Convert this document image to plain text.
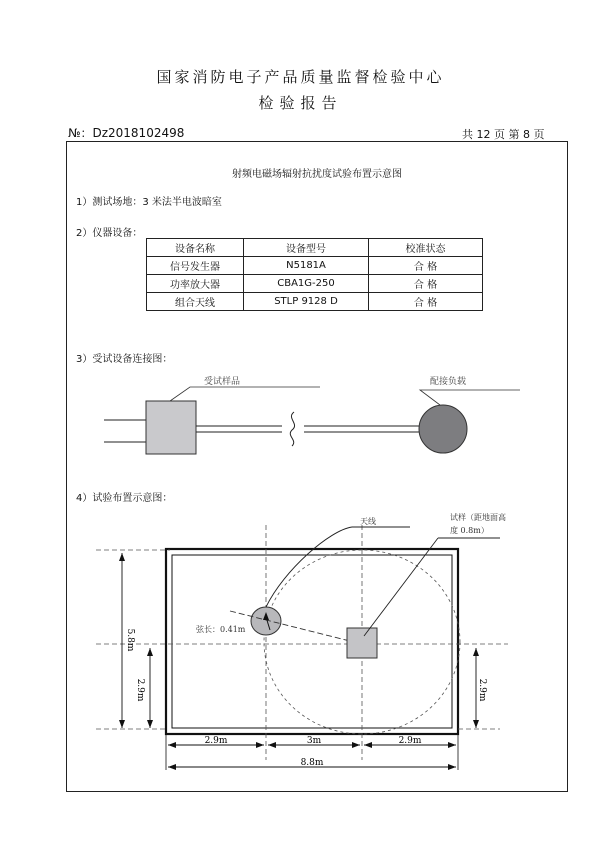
国家消防电子产品质量监督检验中心
检验报告
№：Dz2018102498	共 12 页 第 8 页
射频电磁场辐射抗扰度试验布置示意图
1）测试场地：3 米法半电波暗室
2）仪器设备：
设备名称	设备型号	校准状态
信号发生器	N5181A	合 格
功率放大器	CBA1G-250	合 格
组合天线	STLP 9128 D	合 格
3）受试设备连接图：
受试样品	配接负载
4）试验布置示意图：
弦长：0.41m
天线	试样（距地面高
度 0.8m）
5.8m
2.9m	2.9m
2.9m	3m	2.9m
8.8m
